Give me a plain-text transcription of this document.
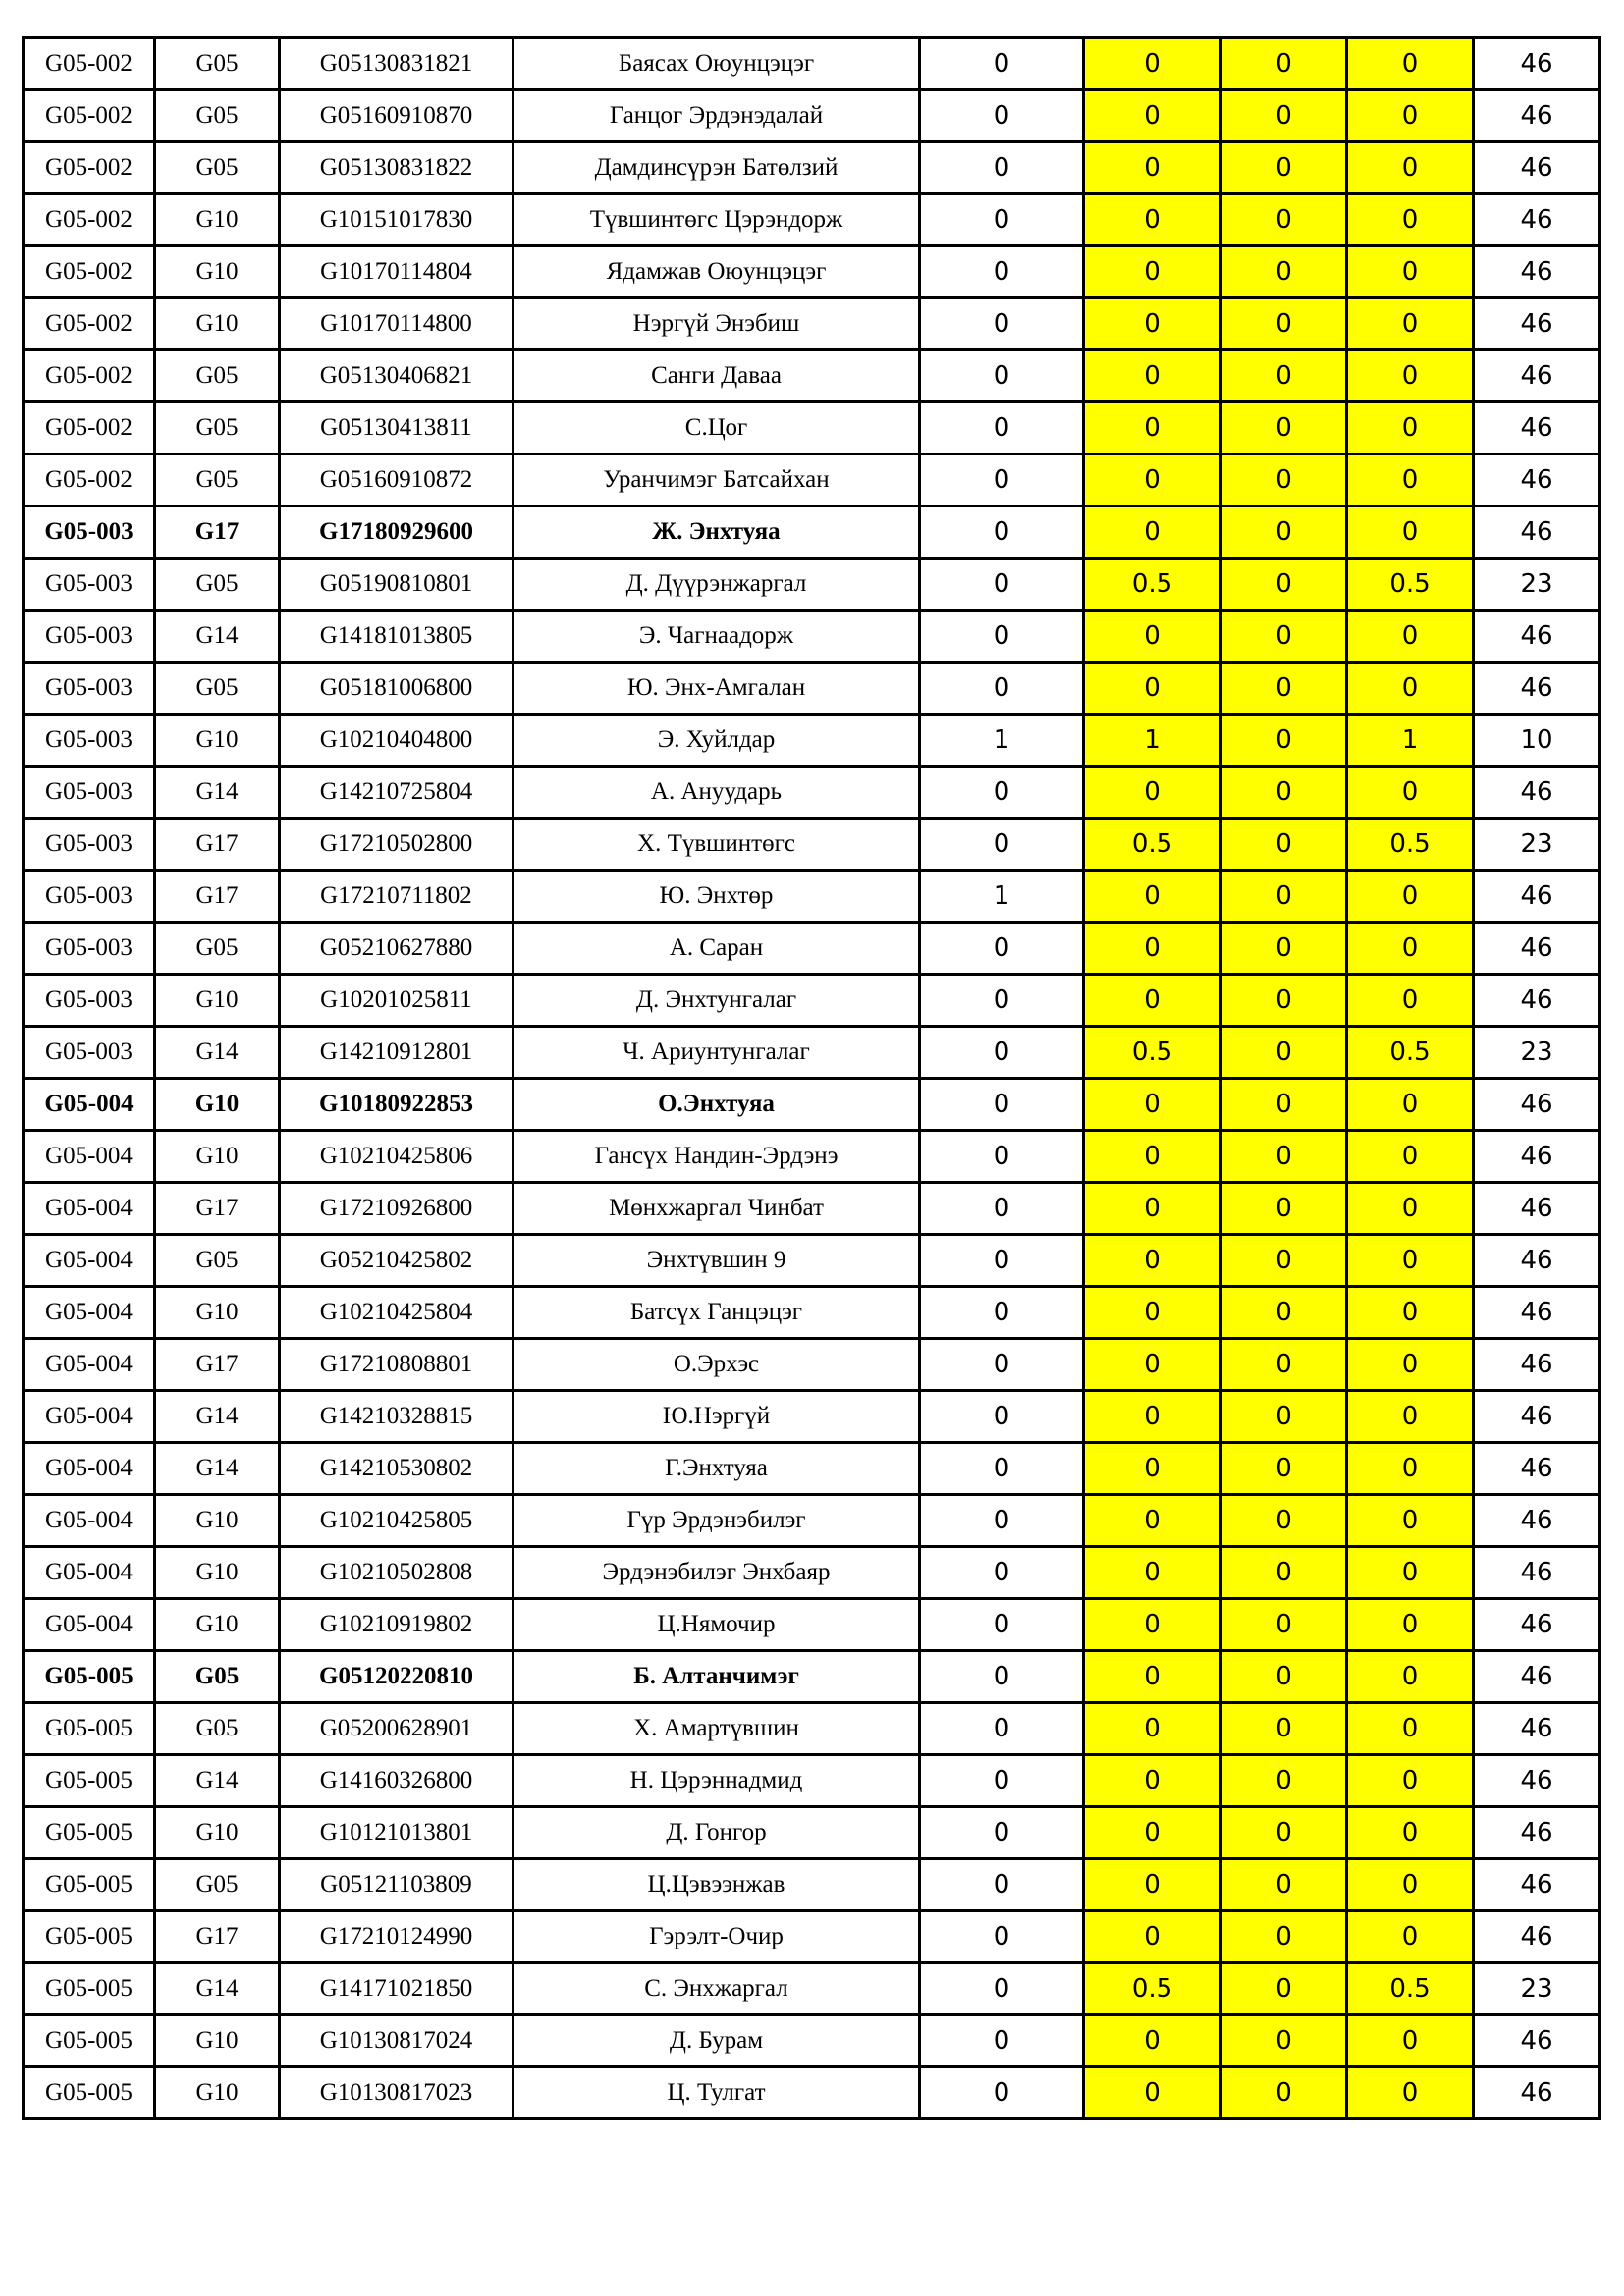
G05-002	G05	G05130831821	Баясах Оюунцэцэг	0	0	0	0	46
G05-002	G05	G05160910870	Ганцог Эрдэнэдалай	0	0	0	0	46
G05-002	G05	G05130831822	Дамдинсүрэн Батөлзий	0	0	0	0	46
G05-002	G10	G10151017830	Түвшинтөгс Цэрэндорж	0	0	0	0	46
G05-002	G10	G10170114804	Ядамжав Оюунцэцэг	0	0	0	0	46
G05-002	G10	G10170114800	Нэргүй Энэбиш	0	0	0	0	46
G05-002	G05	G05130406821	Санги Даваа	0	0	0	0	46
G05-002	G05	G05130413811	С.Цог	0	0	0	0	46
G05-002	G05	G05160910872	Уранчимэг Батсайхан	0	0	0	0	46
G05-003	G17	G17180929600	Ж. Энхтуяа	0	0	0	0	46
G05-003	G05	G05190810801	Д. Дүүрэнжаргал	0	0.5	0	0.5	23
G05-003	G14	G14181013805	Э. Чагнаадорж	0	0	0	0	46
G05-003	G05	G05181006800	Ю. Энх-Амгалан	0	0	0	0	46
G05-003	G10	G10210404800	Э. Хуйлдар	1	1	0	1	10
G05-003	G14	G14210725804	А. Ануударь	0	0	0	0	46
G05-003	G17	G17210502800	Х. Түвшинтөгс	0	0.5	0	0.5	23
G05-003	G17	G17210711802	Ю. Энхтөр	1	0	0	0	46
G05-003	G05	G05210627880	А. Саран	0	0	0	0	46
G05-003	G10	G10201025811	Д. Энхтунгалаг	0	0	0	0	46
G05-003	G14	G14210912801	Ч. Ариунтунгалаг	0	0.5	0	0.5	23
G05-004	G10	G10180922853	О.Энхтуяа	0	0	0	0	46
G05-004	G10	G10210425806	Гансүх Нандин-Эрдэнэ	0	0	0	0	46
G05-004	G17	G17210926800	Мөнхжаргал Чинбат	0	0	0	0	46
G05-004	G05	G05210425802	Энхтүвшин 9	0	0	0	0	46
G05-004	G10	G10210425804	Батсүх Ганцэцэг	0	0	0	0	46
G05-004	G17	G17210808801	О.Эрхэс	0	0	0	0	46
G05-004	G14	G14210328815	Ю.Нэргүй	0	0	0	0	46
G05-004	G14	G14210530802	Г.Энхтуяа	0	0	0	0	46
G05-004	G10	G10210425805	Гүр Эрдэнэбилэг	0	0	0	0	46
G05-004	G10	G10210502808	Эрдэнэбилэг Энхбаяр	0	0	0	0	46
G05-004	G10	G10210919802	Ц.Нямочир	0	0	0	0	46
G05-005	G05	G05120220810	Б. Алтанчимэг	0	0	0	0	46
G05-005	G05	G05200628901	Х. Амартүвшин	0	0	0	0	46
G05-005	G14	G14160326800	Н. Цэрэннадмид	0	0	0	0	46
G05-005	G10	G10121013801	Д. Гонгор	0	0	0	0	46
G05-005	G05	G05121103809	Ц.Цэвээнжав	0	0	0	0	46
G05-005	G17	G17210124990	Гэрэлт-Очир	0	0	0	0	46
G05-005	G14	G14171021850	С. Энхжаргал	0	0.5	0	0.5	23
G05-005	G10	G10130817024	Д. Бурам	0	0	0	0	46
G05-005	G10	G10130817023	Ц. Тулгат	0	0	0	0	46
